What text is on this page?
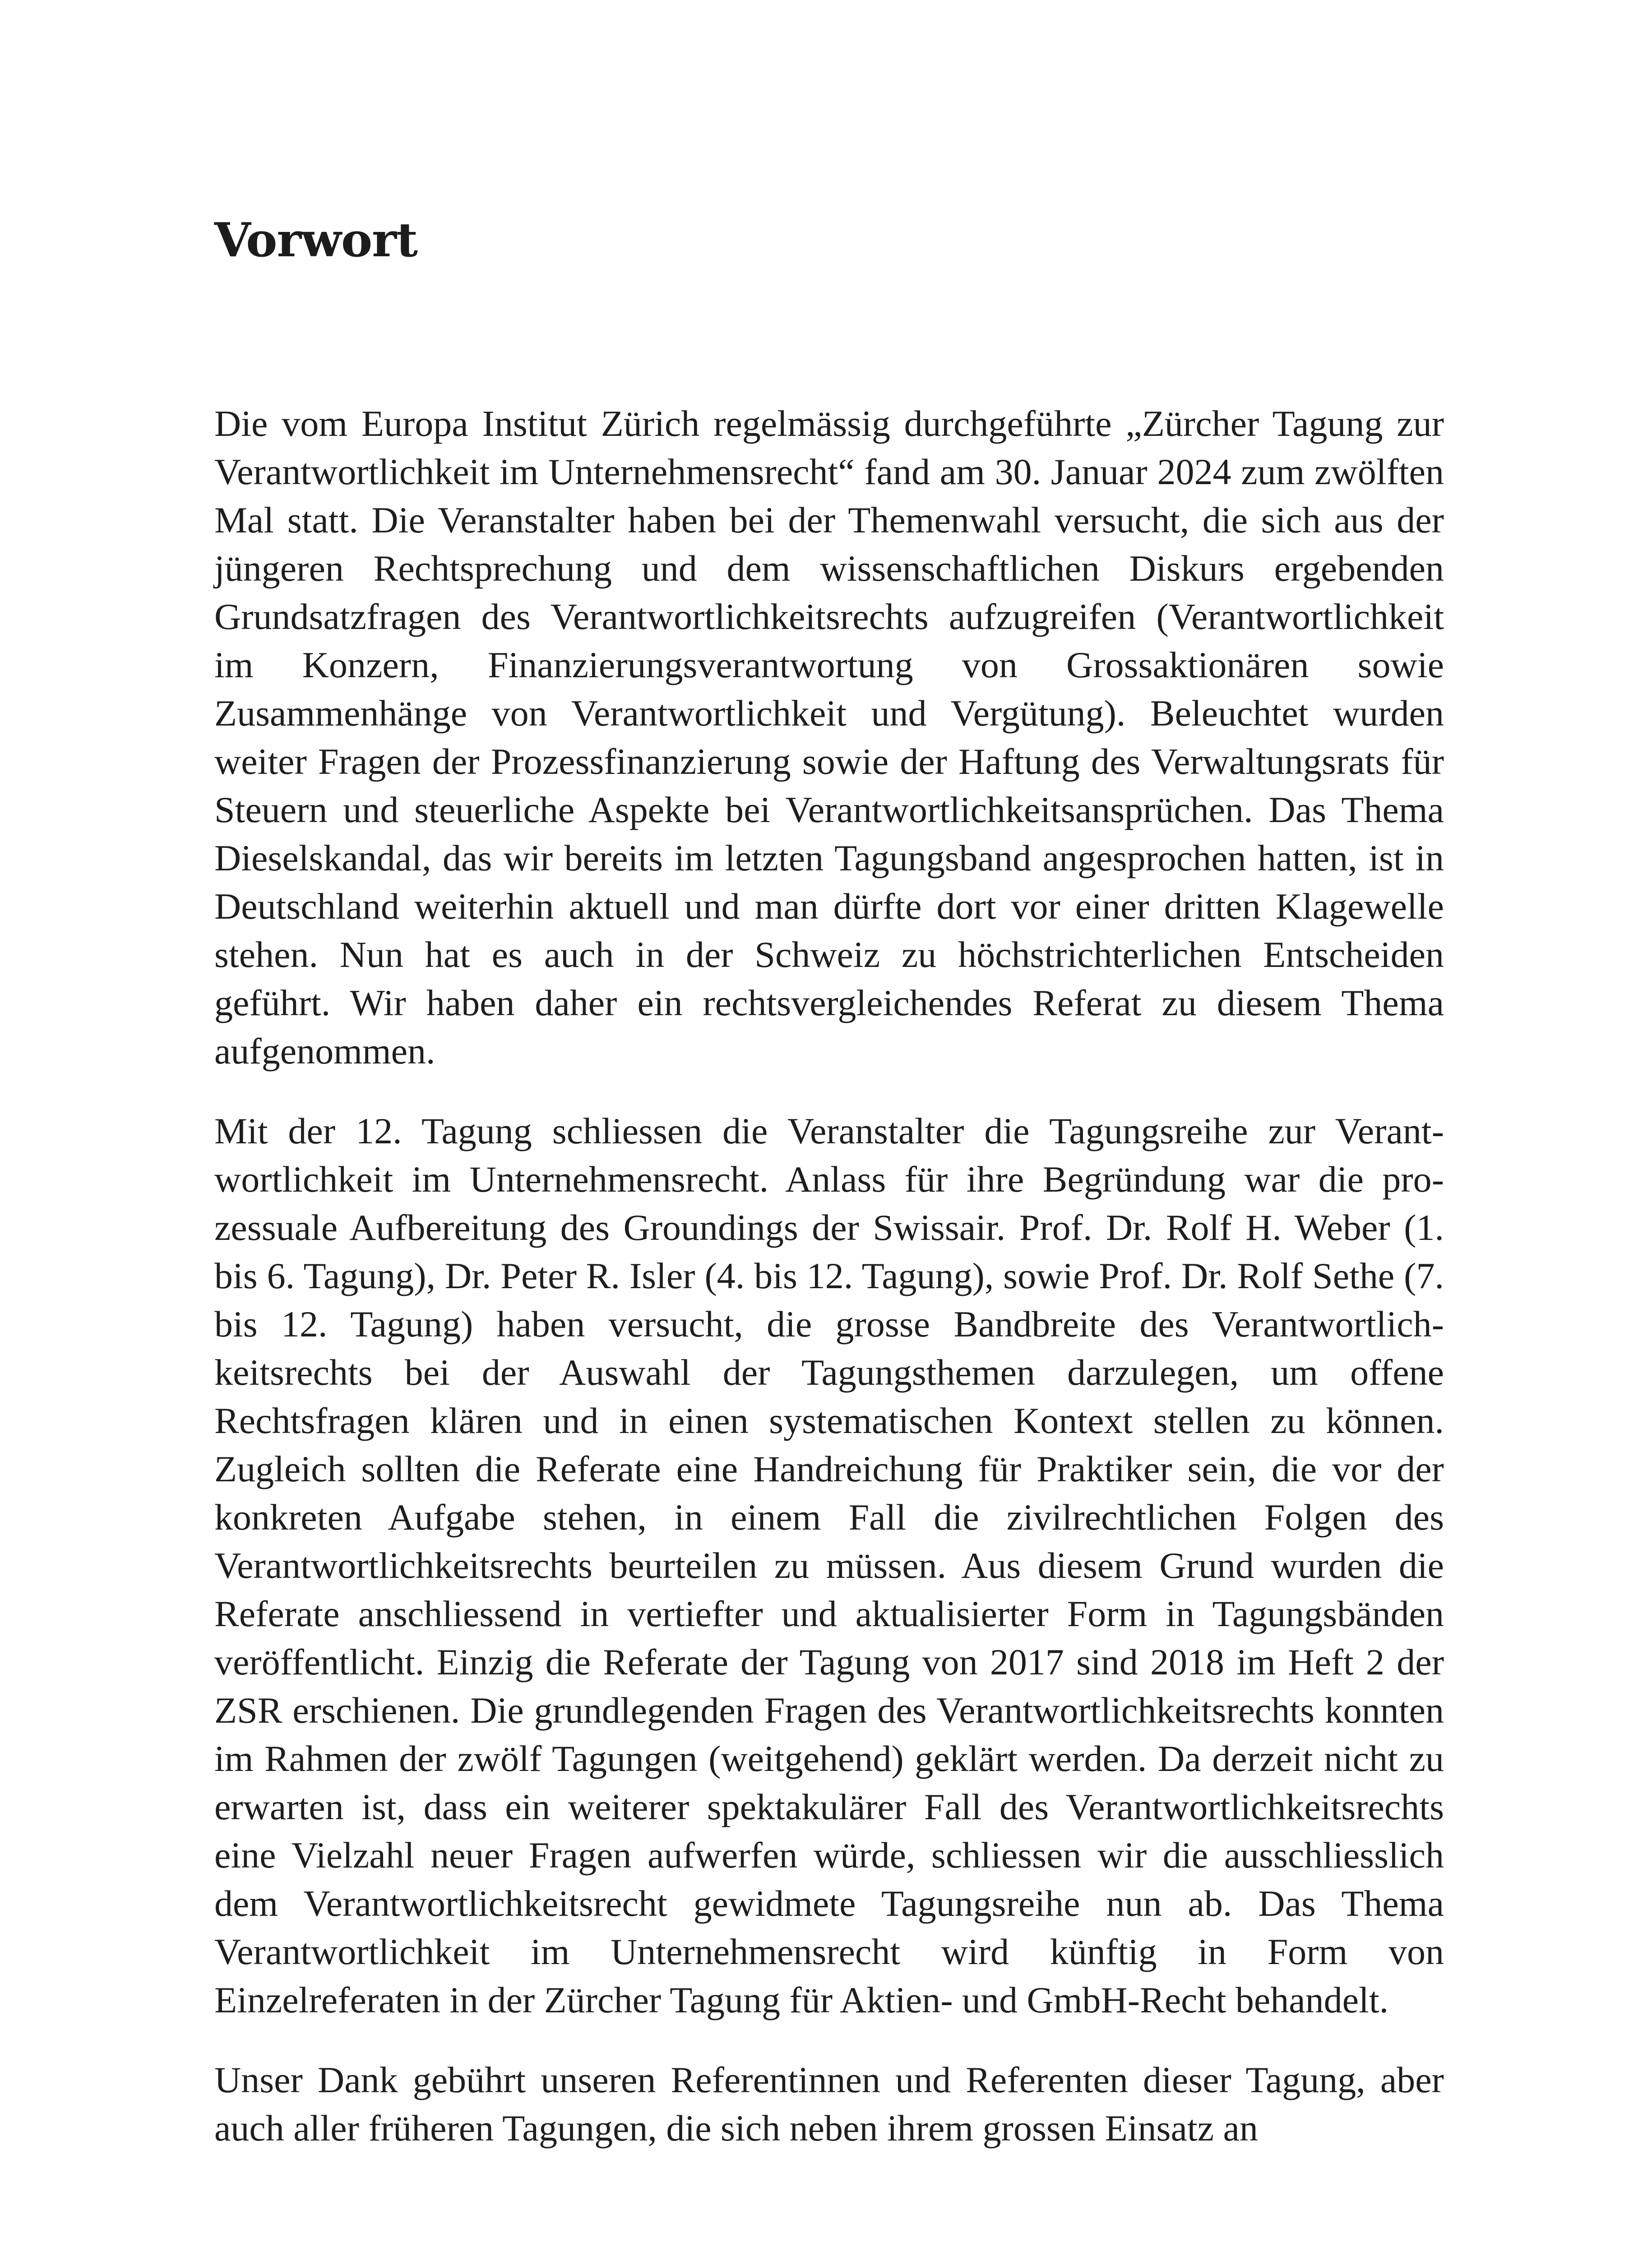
Vorwort

Die vom Europa Institut Zürich regelmässig durchgeführte „Zürcher Tagung zur Verantwortlichkeit im Unternehmensrecht“ fand am 30. Januar 2024 zum zwölften Mal statt. Die Veranstalter haben bei der Themenwahl versucht, die sich aus der jüngeren Rechtsprechung und dem wissenschaftlichen Diskurs ergebenden Grundsatzfragen des Verantwortlichkeitsrechts aufzugreifen (Verantwortlichkeit im Konzern, Finanzierungsverantwortung von Grossaktionären sowie Zusammenhänge von Verantwortlichkeit und Vergütung). Beleuchtet wurden weiter Fragen der Prozessfinanzierung sowie der Haftung des Verwaltungsrats für Steuern und steuerliche Aspekte bei Verantwortlichkeitsansprüchen. Das Thema Dieselskandal, das wir bereits im letzten Tagungsband angesprochen hatten, ist in Deutschland weiterhin aktuell und man dürfte dort vor einer dritten Klagewelle stehen. Nun hat es auch in der Schweiz zu höchstrichterlichen Entscheiden geführt. Wir haben daher ein rechtsvergleichendes Referat zu diesem Thema aufgenommen.

Mit der 12. Tagung schliessen die Veranstalter die Tagungsreihe zur Verantwortlichkeit im Unternehmensrecht. Anlass für ihre Begründung war die prozessuale Aufbereitung des Groundings der Swissair. Prof. Dr. Rolf H. Weber (1. bis 6. Tagung), Dr. Peter R. Isler (4. bis 12. Tagung), sowie Prof. Dr. Rolf Sethe (7. bis 12. Tagung) haben versucht, die grosse Bandbreite des Verantwortlichkeitsrechts bei der Auswahl der Tagungsthemen darzulegen, um offene Rechtsfragen klären und in einen systematischen Kontext stellen zu können. Zugleich sollten die Referate eine Handreichung für Praktiker sein, die vor der konkreten Aufgabe stehen, in einem Fall die zivilrechtlichen Folgen des Verantwortlichkeitsrechts beurteilen zu müssen. Aus diesem Grund wurden die Referate anschliessend in vertiefter und aktualisierter Form in Tagungsbänden veröffentlicht. Einzig die Referate der Tagung von 2017 sind 2018 im Heft 2 der ZSR erschienen. Die grundlegenden Fragen des Verantwortlichkeitsrechts konnten im Rahmen der zwölf Tagungen (weitgehend) geklärt werden. Da derzeit nicht zu erwarten ist, dass ein weiterer spektakulärer Fall des Verantwortlichkeitsrechts eine Vielzahl neuer Fragen aufwerfen würde, schliessen wir die ausschliesslich dem Verantwortlichkeitsrecht gewidmete Tagungsreihe nun ab. Das Thema Verantwortlichkeit im Unternehmensrecht wird künftig in Form von Einzelreferaten in der Zürcher Tagung für Aktien- und GmbH-Recht behandelt.

Unser Dank gebührt unseren Referentinnen und Referenten dieser Tagung, aber auch aller früheren Tagungen, die sich neben ihrem grossen Einsatz an
